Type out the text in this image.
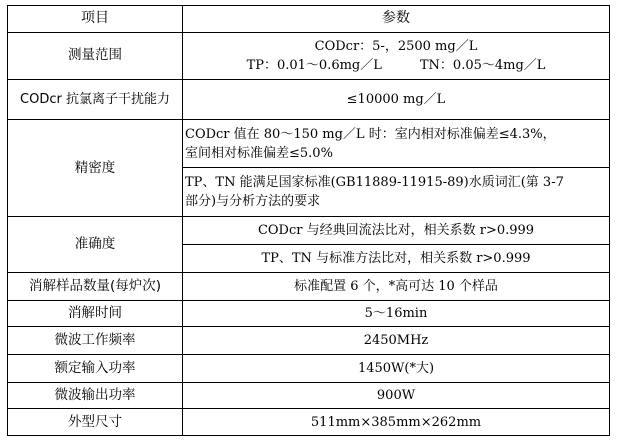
项目	参数
测量范围	CODcr：5-，2500 mg／L
TP：0.01～0.6mg／L TN：0.05～4mg／L

CODcr 抗氯离子干扰能力	≤10000 mg／L
精密度	CODcr 值在 80～150 mg／L 时：室内相对标准偏差≤4.3%，
室间相对标准偏差≤5.0%

	TP、TN 能满足国家标准(GB11889-11915-89)水质词汇(第 3-7
部分)与分析方法的要求

准确度	CODcr 与经典回流法比对，相关系数 r>0.999
	TP、TN 与标准方法比对，相关系数 r>0.999
消解样品数量(每炉次)	标准配置 6 个，*高可达 10 个样品
消解时间	5～16min
微波工作频率	2450MHz
额定输入功率	1450W(*大)
微波输出功率	900W
外型尺寸	511mm×385mm×262mm
